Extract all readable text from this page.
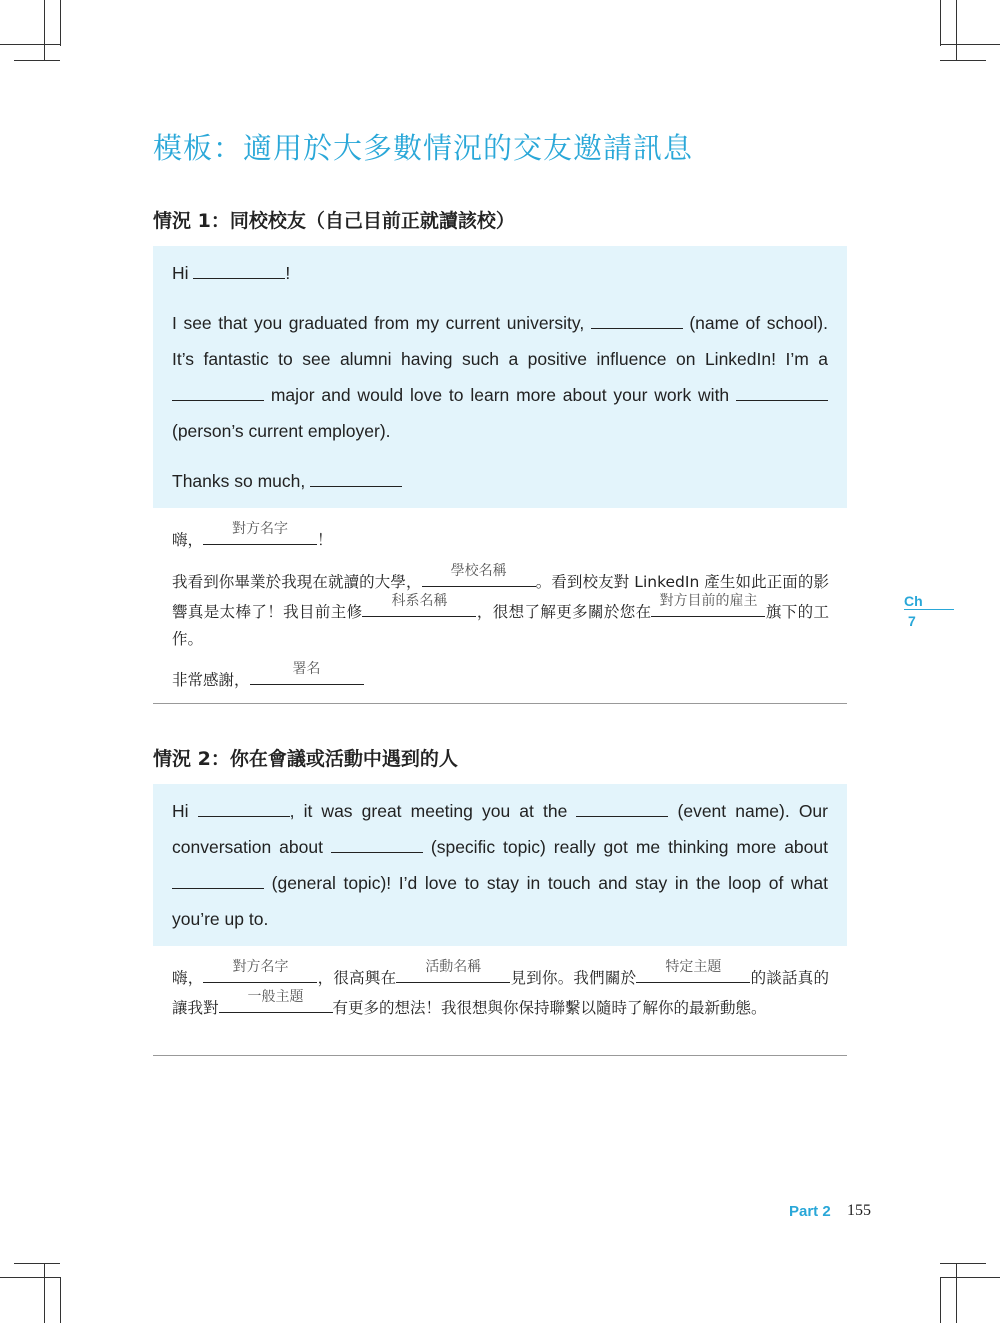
模板：適用於大多數情況的交友邀請訊息
情況 1：同校校友（自己目前正就讀該校）

Hi	!

I see that you graduated from my current university,	(name of school). It’s fantastic to see alumni having such a positive influence on LinkedIn! I’m a  major and would love to learn more about your work with  (person’s current employer).

Thanks so much,

嗨，
對方名字
！

我看到你畢業於我現在就讀的大學，
學校名稱
。看到校友對 LinkedIn 產生如此正面的影響真是太棒了！我目前主修
科系名稱
，很想了解更多關於您在
對方目前的雇主
旗下的工作。

非常感謝，
署名

情況 2：你在會議或活動中遇到的人

Hi	, it was great meeting you at the	(event name). Our conversation about	(specific topic) really got me thinking more about  (general topic)! I’d love to stay in touch and stay in the loop of what you’re up to.

嗨，
對方名字
，很高興在
活動名稱
見到你。我們關於
特定主題
的談話真的讓我對
一般主題
有更多的想法！我很想與你保持聯繫以隨時了解你的最新動態。

Ch
7
Part 2 155
